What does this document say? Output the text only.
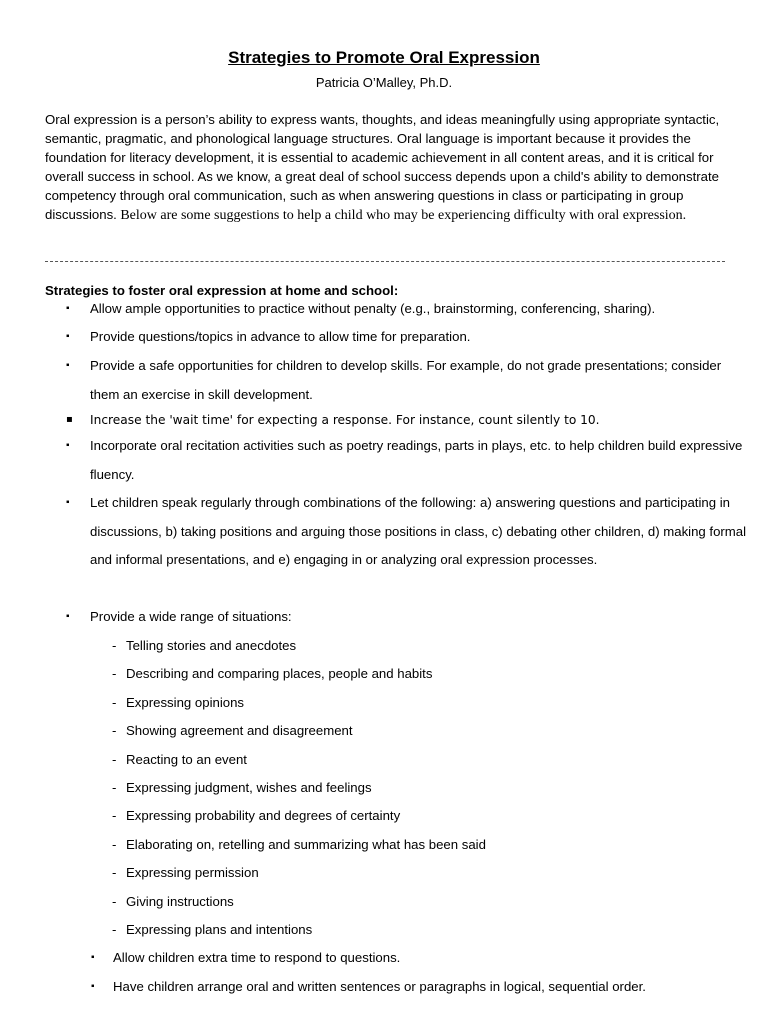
Strategies to Promote Oral Expression
Patricia O’Malley, Ph.D.
Oral expression is a person’s ability to express wants, thoughts, and ideas meaningfully using appropriate syntactic, semantic, pragmatic, and phonological language structures. Oral language is important because it provides the foundation for literacy development, it is essential to academic achievement in all content areas, and it is critical for overall success in school. As we know, a great deal of school success depends upon a child's ability to demonstrate competency through oral communication, such as when answering questions in class or participating in group discussions. Below are some suggestions to help a child who may be experiencing difficulty with oral expression.
Strategies to foster oral expression at home and school:
▪ Allow ample opportunities to practice without penalty (e.g., brainstorming, conferencing, sharing).
▪ Provide questions/topics in advance to allow time for preparation.
▪ Provide a safe opportunities for children to develop skills. For example, do not grade presentations; consider them an exercise in skill development.
▪ Increase the 'wait time' for expecting a response. For instance, count silently to 10.
▪ Incorporate oral recitation activities such as poetry readings, parts in plays, etc. to help children build expressive fluency.
▪ Let children speak regularly through combinations of the following: a) answering questions and participating in discussions, b) taking positions and arguing those positions in class, c) debating other children, d) making formal and informal presentations, and e) engaging in or analyzing oral expression processes.
▪ Provide a wide range of situations:
- Telling stories and anecdotes
- Describing and comparing places, people and habits
- Expressing opinions
- Showing agreement and disagreement
- Reacting to an event
- Expressing judgment, wishes and feelings
- Expressing probability and degrees of certainty
- Elaborating on, retelling and summarizing what has been said
- Expressing permission
- Giving instructions
- Expressing plans and intentions
▪ Allow children extra time to respond to questions.
▪ Have children arrange oral and written sentences or paragraphs in logical, sequential order.
